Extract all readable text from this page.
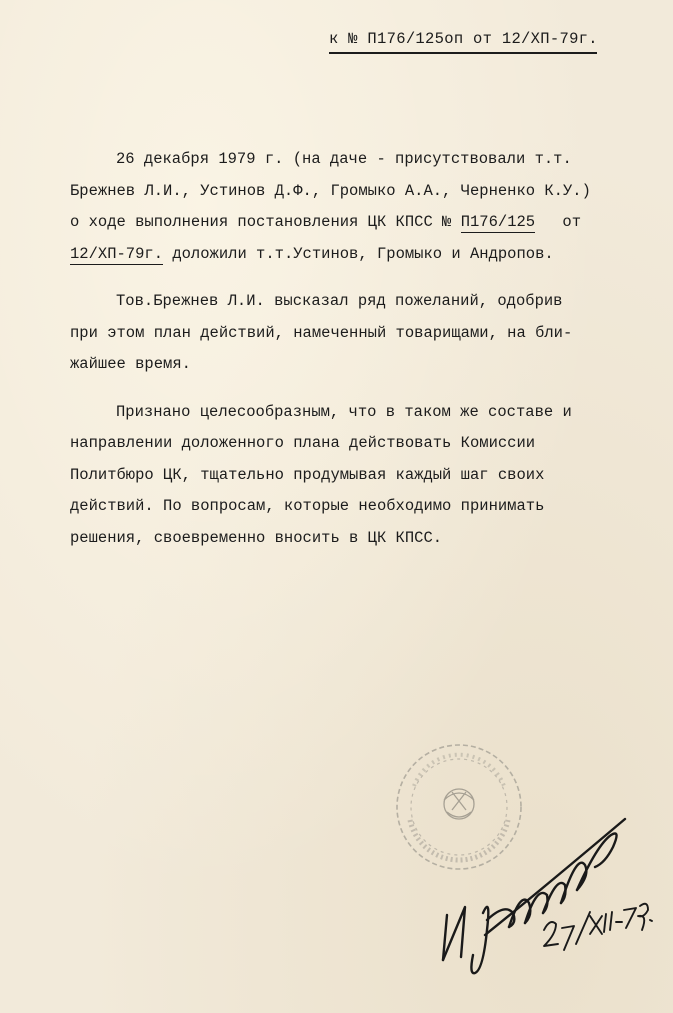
к № П176/125оп от 12/ХП-79г.
26 декабря 1979 г. (на даче - присутствовали т.т.
Брежнев Л.И., Устинов Д.Ф., Громыко А.А., Черненко К.У.)
о ходе выполнения постановления ЦК КПСС № П176/125 от
12/ХП-79г. доложили т.т.Устинов, Громыко и Андропов.
Тов.Брежнев Л.И. высказал ряд пожеланий, одобрив
при этом план действий, намеченный товарищами, на бли-
жайшее время.
Признано целесообразным, что в таком же составе и
направлении доложенного плана действовать Комиссии
Политбюро ЦК, тщательно продумывая каждый шаг своих
действий. По вопросам, которые необходимо принимать
решения, своевременно вносить в ЦК КПСС.
